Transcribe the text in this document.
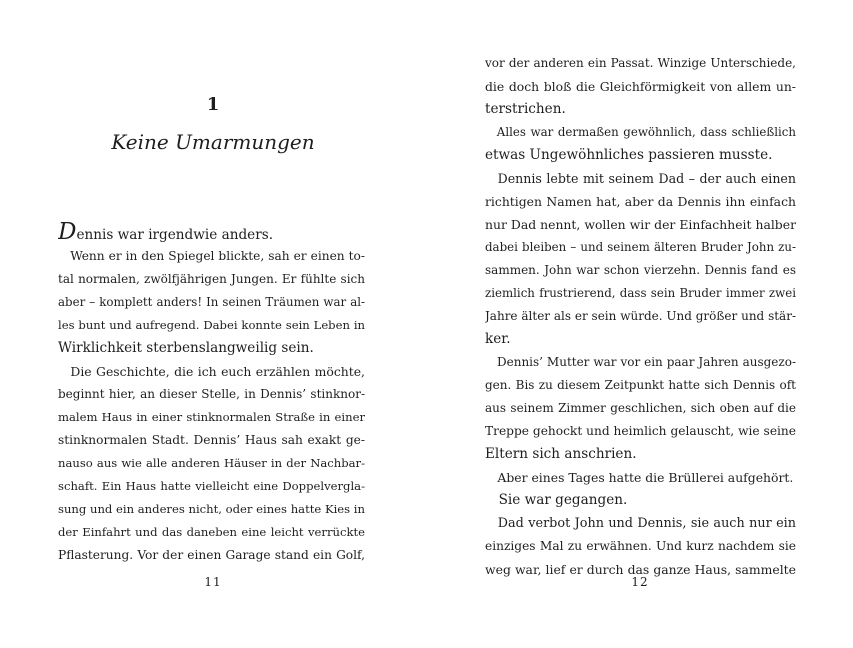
1
Keine Umarmungen
Dennis war irgendwie anders.
 Wenn er in den Spiegel blickte, sah er einen to-
tal normalen, zwölfjährigen Jungen. Er fühlte sich
aber – komplett anders! In seinen Träumen war al-
les bunt und aufregend. Dabei konnte sein Leben in
Wirklichkeit sterbenslangweilig sein.
 Die Geschichte, die ich euch erzählen möchte,
beginnt hier, an dieser Stelle, in Dennis’ stinknor-
malem Haus in einer stinknormalen Straße in einer
stinknormalen Stadt. Dennis’ Haus sah exakt ge-
nauso aus wie alle anderen Häuser in der Nachbar-
schaft. Ein Haus hatte vielleicht eine Doppelvergla-
sung und ein anderes nicht, oder eines hatte Kies in
der Einfahrt und das daneben eine leicht verrückte
Pflasterung. Vor der einen Garage stand ein Golf,
11
vor der anderen ein Passat. Winzige Unterschiede,
die doch bloß die Gleichförmigkeit von allem un-
terstrichen.
 Alles war dermaßen gewöhnlich, dass schließlich
etwas Ungewöhnliches passieren musste.
 Dennis lebte mit seinem Dad – der auch einen
richtigen Namen hat, aber da Dennis ihn einfach
nur Dad nennt, wollen wir der Einfachheit halber
dabei bleiben – und seinem älteren Bruder John zu-
sammen. John war schon vierzehn. Dennis fand es
ziemlich frustrierend, dass sein Bruder immer zwei
Jahre älter als er sein würde. Und größer und stär-
ker.
 Dennis’ Mutter war vor ein paar Jahren ausgezo-
gen. Bis zu diesem Zeitpunkt hatte sich Dennis oft
aus seinem Zimmer geschlichen, sich oben auf die
Treppe gehockt und heimlich gelauscht, wie seine
Eltern sich anschrien.
 Aber eines Tages hatte die Brüllerei aufgehört.
 Sie war gegangen.
 Dad verbot John und Dennis, sie auch nur ein
einziges Mal zu erwähnen. Und kurz nachdem sie
weg war, lief er durch das ganze Haus, sammelte
12
